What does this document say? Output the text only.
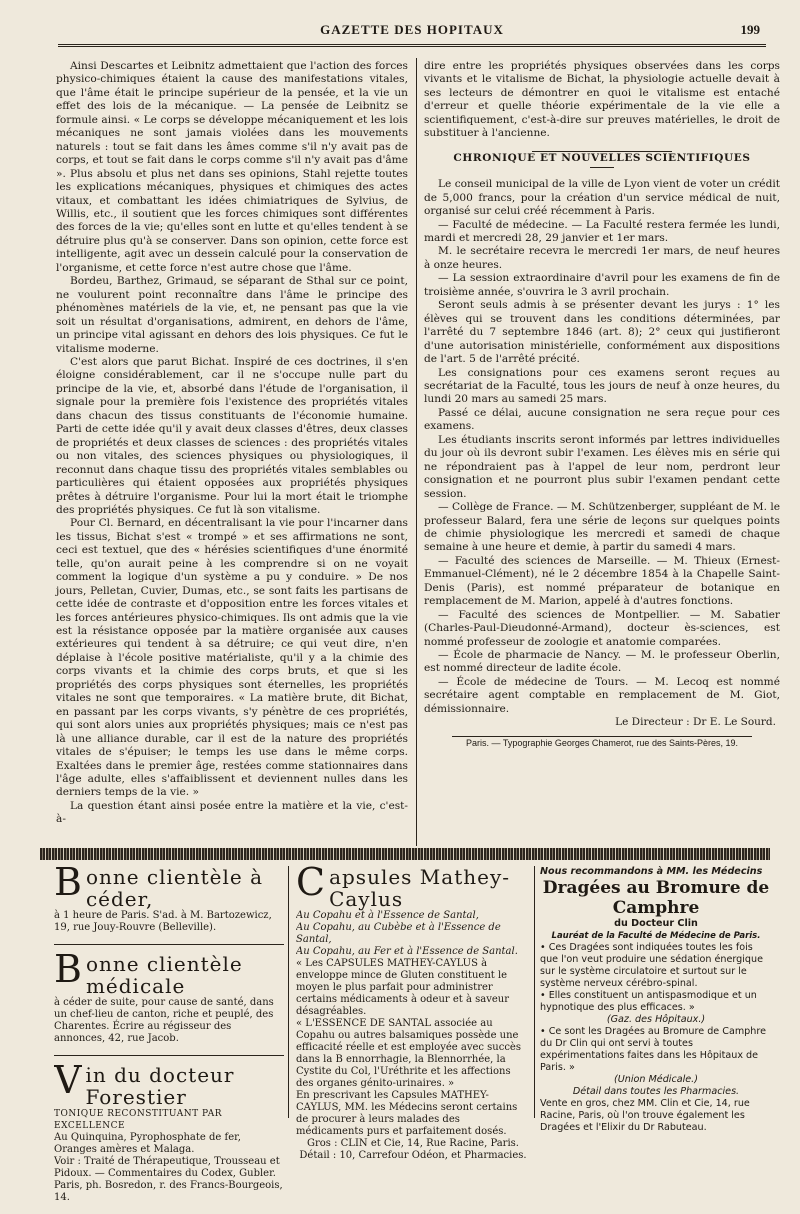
GAZETTE DES HOPITAUX	199

Ainsi Descartes et Leibnitz admettaient que l'action des forces physico-chimiques étaient la cause des manifestations vitales, que l'âme était le principe supérieur de la pensée, et la vie un effet des lois de la mécanique. — La pensée de Leibnitz se formule ainsi. « Le corps se développe mécaniquement et les lois mécaniques ne sont jamais violées dans les mouvements naturels : tout se fait dans les âmes comme s'il n'y avait pas de corps, et tout se fait dans le corps comme s'il n'y avait pas d'âme ». Plus absolu et plus net dans ses opinions, Stahl rejette toutes les explications mécaniques, physiques et chimiques des actes vitaux, et combattant les idées chimiatriques de Sylvius, de Willis, etc., il soutient que les forces chimiques sont différentes des forces de la vie; qu'elles sont en lutte et qu'elles tendent à se détruire plus qu'à se conserver. Dans son opinion, cette force est intelligente, agit avec un dessein calculé pour la conservation de l'organisme, et cette force n'est autre chose que l'âme.

Bordeu, Barthez, Grimaud, se séparant de Sthal sur ce point, ne voulurent point reconnaître dans l'âme le principe des phénomènes matériels de la vie, et, ne pensant pas que la vie soit un résultat d'organisations, admirent, en dehors de l'âme, un principe vital agissant en dehors des lois physiques. Ce fut le vitalisme moderne.

C'est alors que parut Bichat. Inspiré de ces doctrines, il s'en éloigne considérablement, car il ne s'occupe nulle part du principe de la vie, et, absorbé dans l'étude de l'organisation, il signale pour la première fois l'existence des propriétés vitales dans chacun des tissus constituants de l'économie humaine. Parti de cette idée qu'il y avait deux classes d'êtres, deux classes de propriétés et deux classes de sciences : des propriétés vitales ou non vitales, des sciences physiques ou physiologiques, il reconnut dans chaque tissu des propriétés vitales semblables ou particulières qui étaient opposées aux propriétés physiques prêtes à détruire l'organisme. Pour lui la mort était le triomphe des propriétés physiques. Ce fut là son vitalisme.

Pour Cl. Bernard, en décentralisant la vie pour l'incarner dans les tissus, Bichat s'est « trompé » et ses affirmations ne sont, ceci est textuel, que des « hérésies scientifiques d'une énormité telle, qu'on aurait peine à les comprendre si on ne voyait comment la logique d'un système a pu y conduire. » De nos jours, Pelletan, Cuvier, Dumas, etc., se sont faits les partisans de cette idée de contraste et d'opposition entre les forces vitales et les forces antérieures physico-chimiques. Ils ont admis que la vie est la résistance opposée par la matière organisée aux causes extérieures qui tendent à sa détruire; ce qui veut dire, n'en déplaise à l'école positive matérialiste, qu'il y a la chimie des corps vivants et la chimie des corps bruts, et que si les propriétés des corps physiques sont éternelles, les propriétés vitales ne sont que temporaires. « La matière brute, dit Bichat, en passant par les corps vivants, s'y pénètre de ces propriétés, qui sont alors unies aux propriétés physiques; mais ce n'est pas là une alliance durable, car il est de la nature des propriétés vitales de s'épuiser; le temps les use dans le même corps. Exaltées dans le premier âge, restées comme stationnaires dans l'âge adulte, elles s'affaiblissent et deviennent nulles dans les derniers temps de la vie. »

La question étant ainsi posée entre la matière et la vie, c'est-à-

dire entre les propriétés physiques observées dans les corps vivants et le vitalisme de Bichat, la physiologie actuelle devait à ses lecteurs de démontrer en quoi le vitalisme est entaché d'erreur et quelle théorie expérimentale de la vie elle a scientifiquement, c'est-à-dire sur preuves matérielles, le droit de substituer à l'ancienne.

CHRONIQUE ET NOUVELLES SCIENTIFIQUES

Le conseil municipal de la ville de Lyon vient de voter un crédit de 5,000 francs, pour la création d'un service médical de nuit, organisé sur celui créé récemment à Paris.

— Faculté de médecine. — La Faculté restera fermée les lundi, mardi et mercredi 28, 29 janvier et 1er mars.

M. le secrétaire recevra le mercredi 1er mars, de neuf heures à onze heures.

— La session extraordinaire d'avril pour les examens de fin de troisième année, s'ouvrira le 3 avril prochain.

Seront seuls admis à se présenter devant les jurys : 1° les élèves qui se trouvent dans les conditions déterminées, par l'arrêté du 7 septembre 1846 (art. 8); 2° ceux qui justifieront d'une autorisation ministérielle, conformément aux dispositions de l'art. 5 de l'arrêté précité.

Les consignations pour ces examens seront reçues au secrétariat de la Faculté, tous les jours de neuf à onze heures, du lundi 20 mars au samedi 25 mars.

Passé ce délai, aucune consignation ne sera reçue pour ces examens.

Les étudiants inscrits seront informés par lettres individuelles du jour où ils devront subir l'examen. Les élèves mis en série qui ne répondraient pas à l'appel de leur nom, perdront leur consignation et ne pourront plus subir l'examen pendant cette session.

— Collège de France. — M. Schützenberger, suppléant de M. le professeur Balard, fera une série de leçons sur quelques points de chimie physiologique les mercredi et samedi de chaque semaine à une heure et demie, à partir du samedi 4 mars.

— Faculté des sciences de Marseille. — M. Thieux (Ernest-Emmanuel-Clément), né le 2 décembre 1854 à la Chapelle Saint-Denis (Paris), est nommé préparateur de botanique en remplacement de M. Marion, appelé à d'autres fonctions.

— Faculté des sciences de Montpellier. — M. Sabatier (Charles-Paul-Dieudonné-Armand), docteur ès-sciences, est nommé professeur de zoologie et anatomie comparées.

— École de pharmacie de Nancy. — M. le professeur Oberlin, est nommé directeur de ladite école.

— École de médecine de Tours. — M. Lecoq est nommé secrétaire agent comptable en remplacement de M. Giot, démissionnaire.

Le Directeur : Dr E. Le Sourd.

Paris. — Typographie Georges Chamerot, rue des Saints-Pères, 19.

B onne clientèle à céder,
à 1 heure de Paris. S'ad. à M. Bartozewicz, 19, rue Jouy-Rouvre (Belleville).
B onne clientèle médicale
à céder de suite, pour cause de santé, dans un chef-lieu de canton, riche et peuplé, des Charentes. Écrire au régisseur des annonces, 42, rue Jacob.
V in du docteur Forestier
TONIQUE RECONSTITUANT PAR EXCELLENCE
Au Quinquina, Pyrophosphate de fer, Oranges amères et Malaga.
Voir : Traité de Thérapeutique, Trousseau et Pidoux. — Commentaires du Codex, Gubler.
Paris, ph. Bosredon, r. des Francs-Bourgeois, 14.
C apsules Mathey-Caylus
Au Copahu et à l'Essence de Santal,
Au Copahu, au Cubèbe et à l'Essence de Santal,
Au Copahu, au Fer et à l'Essence de Santal.
« Les CAPSULES MATHEY-CAYLUS à enveloppe mince de Gluten constituent le moyen le plus parfait pour administrer certains médicaments à odeur et à saveur désagréables.
« L'ESSENCE DE SANTAL associée au Copahu ou autres balsamiques possède une efficacité réelle et est employée avec succès dans la B ennorrhagie, la Blennorrhée, la Cystite du Col, l'Uréthrite et les affections des organes génito-urinaires. »
En prescrivant les Capsules MATHEY-CAYLUS, MM. les Médecins seront certains de procurer à leurs malades des médicaments purs et parfaitement dosés.
Gros : CLIN et Cie, 14, Rue Racine, Paris.
Détail : 10, Carrefour Odéon, et Pharmacies.
Nous recommandons à MM. les Médecins
Dragées au Bromure de Camphre
du Docteur Clin
Lauréat de la Faculté de Médecine de Paris.
• Ces Dragées sont indiquées toutes les fois que l'on veut produire une sédation énergique sur le système circulatoire et surtout sur le système nerveux cérébro-spinal.
• Elles constituent un antispasmodique et un hypnotique des plus efficaces. »
(Gaz. des Hôpitaux.)
• Ce sont les Dragées au Bromure de Camphre du Dr Clin qui ont servi à toutes expérimentations faites dans les Hôpitaux de Paris. »
(Union Médicale.)
Détail dans toutes les Pharmacies.
Vente en gros, chez MM. Clin et Cie, 14, rue Racine, Paris, où l'on trouve également les Dragées et l'Elixir du Dr Rabuteau.
